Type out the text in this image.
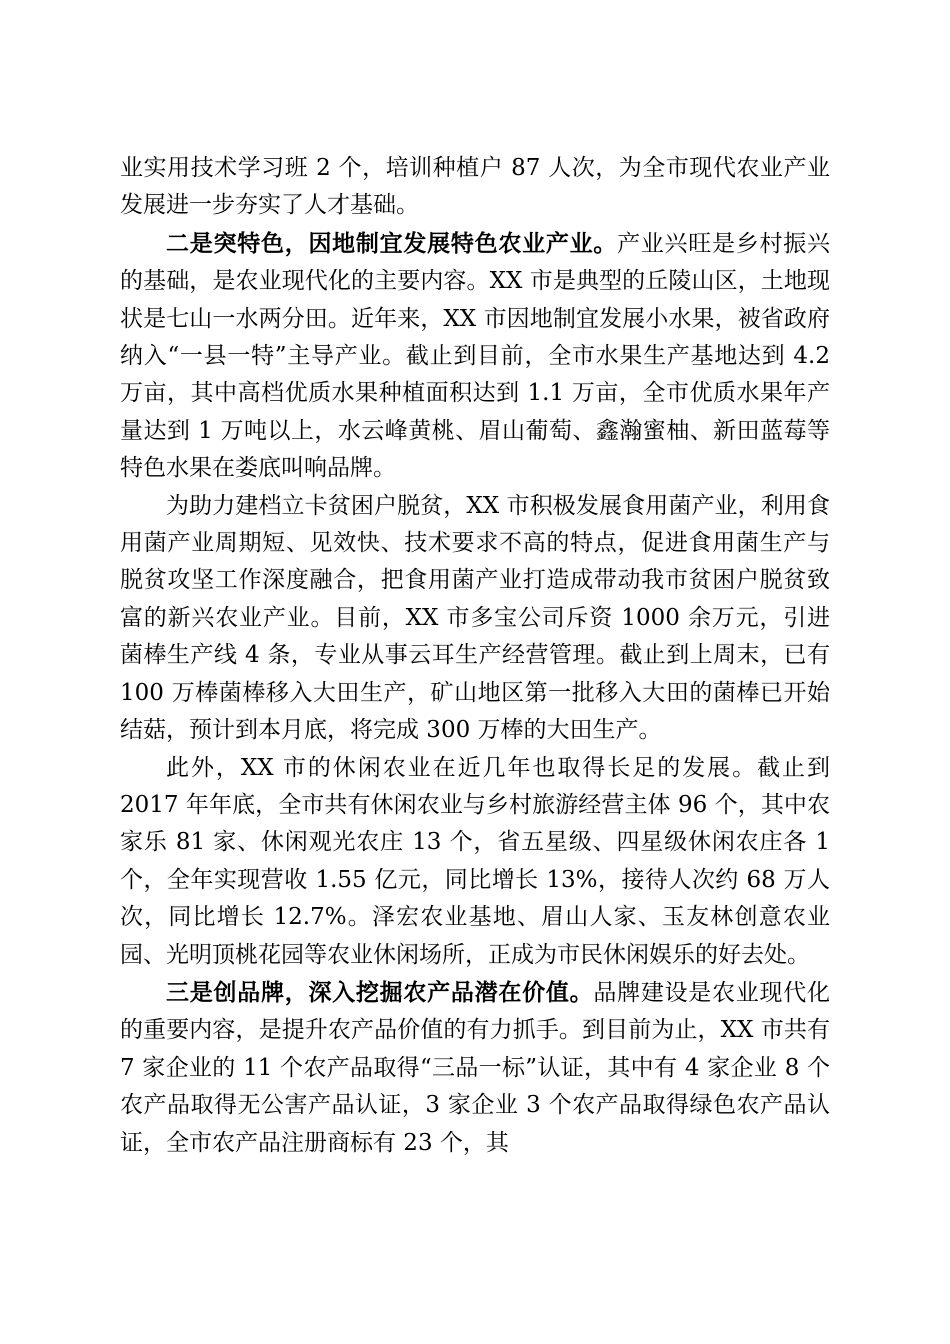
业实用技术学习班 2 个，培训种植户 87 人次，为全市现代农业产业发展进一步夯实了人才基础。

二是突特色，因地制宜发展特色农业产业。产业兴旺是乡村振兴的基础，是农业现代化的主要内容。XX 市是典型的丘陵山区，土地现状是七山一水两分田。近年来，XX 市因地制宜发展小水果，被省政府纳入“一县一特”主导产业。截止到目前，全市水果生产基地达到 4.2 万亩，其中高档优质水果种植面积达到 1.1 万亩，全市优质水果年产量达到 1 万吨以上，水云峰黄桃、眉山葡萄、鑫瀚蜜柚、新田蓝莓等特色水果在娄底叫响品牌。

为助力建档立卡贫困户脱贫，XX 市积极发展食用菌产业，利用食用菌产业周期短、见效快、技术要求不高的特点，促进食用菌生产与脱贫攻坚工作深度融合，把食用菌产业打造成带动我市贫困户脱贫致富的新兴农业产业。目前，XX 市多宝公司斥资 1000 余万元，引进菌棒生产线 4 条，专业从事云耳生产经营管理。截止到上周末，已有 100 万棒菌棒移入大田生产，矿山地区第一批移入大田的菌棒已开始结菇，预计到本月底，将完成 300 万棒的大田生产。

此外，XX 市的休闲农业在近几年也取得长足的发展。截止到 2017 年年底，全市共有休闲农业与乡村旅游经营主体 96 个，其中农家乐 81 家、休闲观光农庄 13 个，省五星级、四星级休闲农庄各 1 个，全年实现营收 1.55 亿元，同比增长 13%，接待人次约 68 万人次，同比增长 12.7%。泽宏农业基地、眉山人家、玉友林创意农业园、光明顶桃花园等农业休闲场所，正成为市民休闲娱乐的好去处。

三是创品牌，深入挖掘农产品潜在价值。品牌建设是农业现代化的重要内容，是提升农产品价值的有力抓手。到目前为止，XX 市共有 7 家企业的 11 个农产品取得“三品一标”认证，其中有 4 家企业 8 个农产品取得无公害产品认证，3 家企业 3 个农产品取得绿色农产品认证，全市农产品注册商标有 23 个，其
